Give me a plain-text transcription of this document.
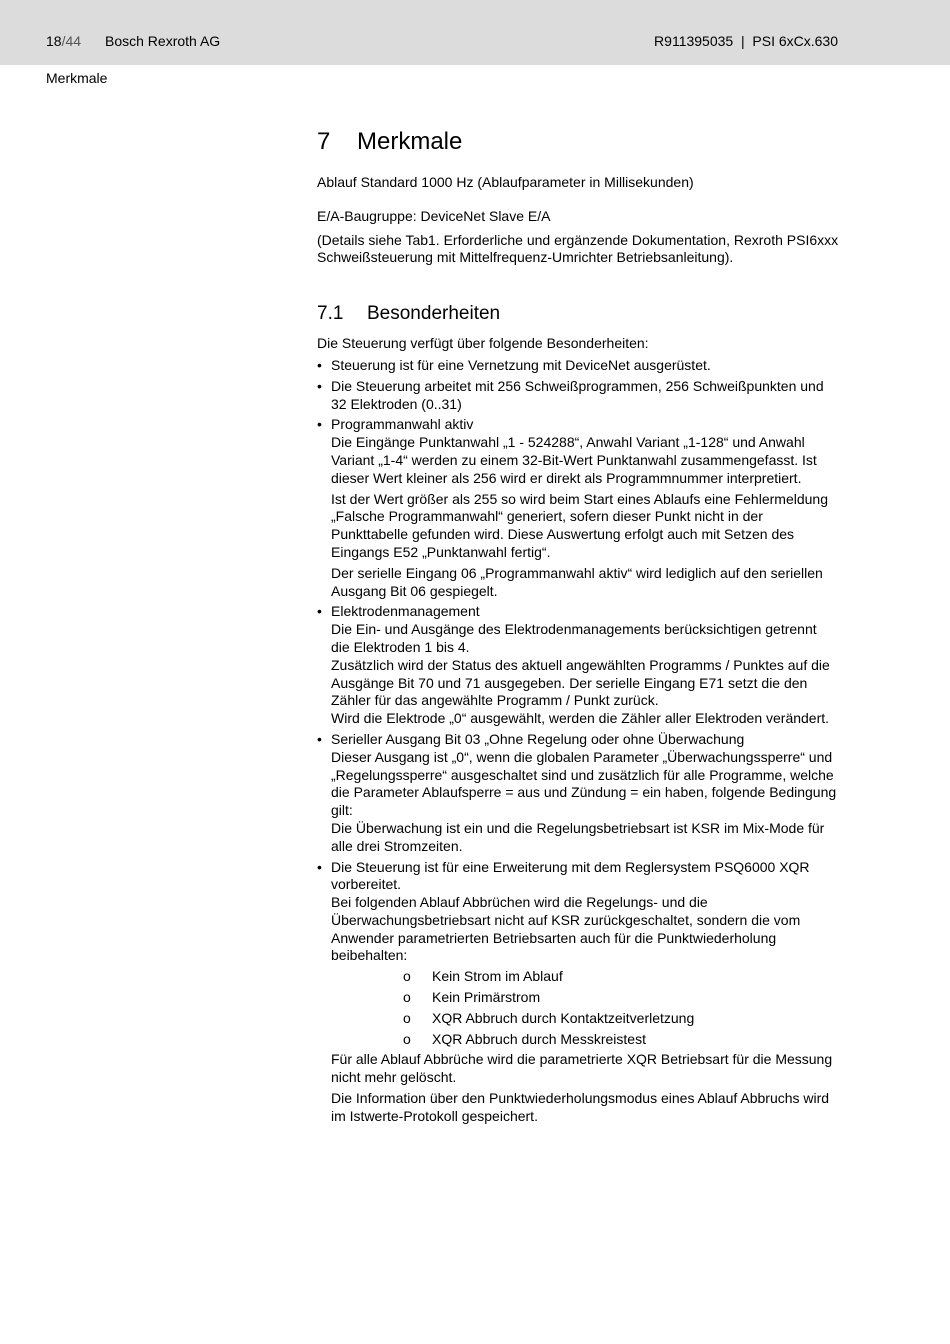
18/44 Bosch Rexroth AG	R911395035  |  PSI 6xCx.630
Merkmale
7 Merkmale

Ablauf Standard 1000 Hz (Ablaufparameter in Millisekunden)

E/A-Baugruppe: DeviceNet Slave E/A

(Details siehe Tab1. Erforderliche und ergänzende Dokumentation, Rexroth PSI6xxx Schweißsteuerung mit Mittelfrequenz-Umrichter Betriebsanleitung).

7.1 Besonderheiten

Die Steuerung verfügt über folgende Besonderheiten:

• Steuerung ist für eine Vernetzung mit DeviceNet ausgerüstet.

• Die Steuerung arbeitet mit 256 Schweißprogrammen, 256 Schweißpunkten und 32 Elektroden (0..31)

• Programmanwahl aktiv
Die Eingänge Punktanwahl „1 - 524288“, Anwahl Variant „1-128“ und Anwahl Variant „1-4“ werden zu einem 32-Bit-Wert Punktanwahl zusammengefasst. Ist dieser Wert kleiner als 256 wird er direkt als Programmnummer interpretiert.

Ist der Wert größer als 255 so wird beim Start eines Ablaufs eine Fehlermeldung „Falsche Programmanwahl“ generiert, sofern dieser Punkt nicht in der Punkttabelle gefunden wird. Diese Auswertung erfolgt auch mit Setzen des Eingangs E52 „Punktanwahl fertig“.

Der serielle Eingang 06 „Programmanwahl aktiv“ wird lediglich auf den seriellen Ausgang Bit 06 gespiegelt.

• Elektrodenmanagement
Die Ein- und Ausgänge des Elektrodenmanagements berücksichtigen getrennt die Elektroden 1 bis 4.
Zusätzlich wird der Status des aktuell angewählten Programms / Punktes auf die Ausgänge Bit 70 und 71 ausgegeben. Der serielle Eingang E71 setzt die den Zähler für das angewählte Programm / Punkt zurück.
Wird die Elektrode „0“ ausgewählt, werden die Zähler aller Elektroden verändert.

• Serieller Ausgang Bit 03 „Ohne Regelung oder ohne Überwachung
Dieser Ausgang ist „0“, wenn die globalen Parameter „Überwachungssperre“ und „Regelungssperre“ ausgeschaltet sind und zusätzlich für alle Programme, welche die Parameter Ablaufsperre = aus und Zündung = ein haben, folgende Bedingung gilt:
Die Überwachung ist ein und die Regelungsbetriebsart ist KSR im Mix-Mode für alle drei Stromzeiten.

• Die Steuerung ist für eine Erweiterung mit dem Reglersystem PSQ6000 XQR vorbereitet.
Bei folgenden Ablauf Abbrüchen wird die Regelungs- und die Überwachungsbetriebsart nicht auf KSR zurückgeschaltet, sondern die vom Anwender parametrierten Betriebsarten auch für die Punktwiederholung beibehalten:

o Kein Strom im Ablauf
o Kein Primärstrom
o XQR Abbruch durch Kontaktzeitverletzung
o XQR Abbruch durch Messkreistest

Für alle Ablauf Abbrüche wird die parametrierte XQR Betriebsart für die Messung nicht mehr gelöscht.

Die Information über den Punktwiederholungsmodus eines Ablauf Abbruchs wird im Istwerte-Protokoll gespeichert.
